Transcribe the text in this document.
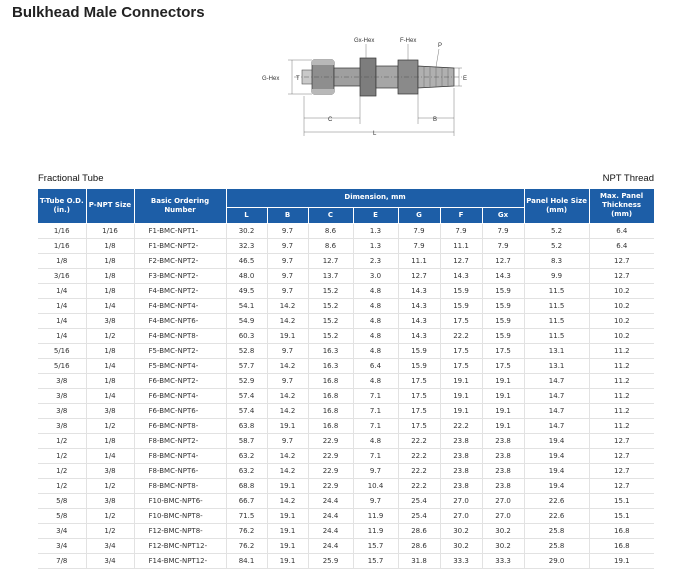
Bulkhead Male Connectors
Gx-Hex	F-Hex
P
G-Hex	T	E
C	B
L
Fractional Tube	NPT Thread
T-Tube O.D. (in.)	P-NPT Size	Basic Ordering Number	Dimension, mm							Panel Hole Size (mm)	Max. Panel Thickness (mm)
			L	B	C	E	G	F	Gx		
1/16	1/16	F1-BMC-NPT1-	30.2	9.7	8.6	1.3	7.9	7.9	7.9	5.2	6.4
1/16	1/8	F1-BMC-NPT2-	32.3	9.7	8.6	1.3	7.9	11.1	7.9	5.2	6.4
1/8	1/8	F2-BMC-NPT2-	46.5	9.7	12.7	2.3	11.1	12.7	12.7	8.3	12.7
3/16	1/8	F3-BMC-NPT2-	48.0	9.7	13.7	3.0	12.7	14.3	14.3	9.9	12.7
1/4	1/8	F4-BMC-NPT2-	49.5	9.7	15.2	4.8	14.3	15.9	15.9	11.5	10.2
1/4	1/4	F4-BMC-NPT4-	54.1	14.2	15.2	4.8	14.3	15.9	15.9	11.5	10.2
1/4	3/8	F4-BMC-NPT6-	54.9	14.2	15.2	4.8	14.3	17.5	15.9	11.5	10.2
1/4	1/2	F4-BMC-NPT8-	60.3	19.1	15.2	4.8	14.3	22.2	15.9	11.5	10.2
5/16	1/8	F5-BMC-NPT2-	52.8	9.7	16.3	4.8	15.9	17.5	17.5	13.1	11.2
5/16	1/4	F5-BMC-NPT4-	57.7	14.2	16.3	6.4	15.9	17.5	17.5	13.1	11.2
3/8	1/8	F6-BMC-NPT2-	52.9	9.7	16.8	4.8	17.5	19.1	19.1	14.7	11.2
3/8	1/4	F6-BMC-NPT4-	57.4	14.2	16.8	7.1	17.5	19.1	19.1	14.7	11.2
3/8	3/8	F6-BMC-NPT6-	57.4	14.2	16.8	7.1	17.5	19.1	19.1	14.7	11.2
3/8	1/2	F6-BMC-NPT8-	63.8	19.1	16.8	7.1	17.5	22.2	19.1	14.7	11.2
1/2	1/8	F8-BMC-NPT2-	58.7	9.7	22.9	4.8	22.2	23.8	23.8	19.4	12.7
1/2	1/4	F8-BMC-NPT4-	63.2	14.2	22.9	7.1	22.2	23.8	23.8	19.4	12.7
1/2	3/8	F8-BMC-NPT6-	63.2	14.2	22.9	9.7	22.2	23.8	23.8	19.4	12.7
1/2	1/2	F8-BMC-NPT8-	68.8	19.1	22.9	10.4	22.2	23.8	23.8	19.4	12.7
5/8	3/8	F10-BMC-NPT6-	66.7	14.2	24.4	9.7	25.4	27.0	27.0	22.6	15.1
5/8	1/2	F10-BMC-NPT8-	71.5	19.1	24.4	11.9	25.4	27.0	27.0	22.6	15.1
3/4	1/2	F12-BMC-NPT8-	76.2	19.1	24.4	11.9	28.6	30.2	30.2	25.8	16.8
3/4	3/4	F12-BMC-NPT12-	76.2	19.1	24.4	15.7	28.6	30.2	30.2	25.8	16.8
7/8	3/4	F14-BMC-NPT12-	84.1	19.1	25.9	15.7	31.8	33.3	33.3	29.0	19.1
